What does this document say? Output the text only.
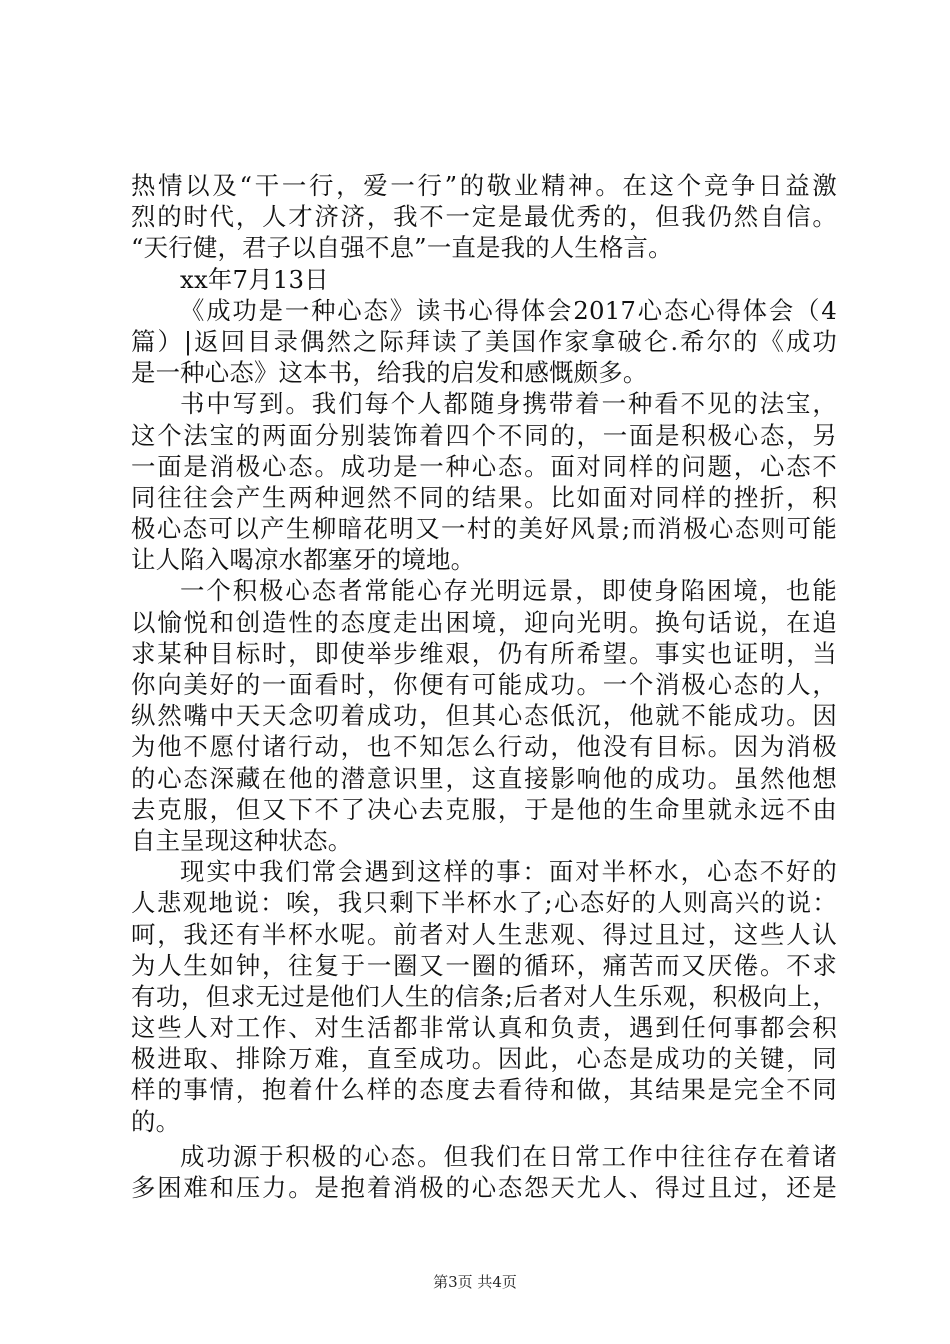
热情以及“干一行，爱一行”的敬业精神。在这个竞争日益激
烈的时代，人才济济，我不一定是最优秀的，但我仍然自信。
“天行健，君子以自强不息”一直是我的人生格言。
xx年7月13日
《成功是一种心态》读书心得体会2017心态心得体会（4
篇）|返回目录偶然之际拜读了美国作家拿破仑.希尔的《成功
是一种心态》这本书，给我的启发和感慨颇多。
书中写到。我们每个人都随身携带着一种看不见的法宝，
这个法宝的两面分别装饰着四个不同的，一面是积极心态，另
一面是消极心态。成功是一种心态。面对同样的问题，心态不
同往往会产生两种迥然不同的结果。比如面对同样的挫折，积
极心态可以产生柳暗花明又一村的美好风景;而消极心态则可能
让人陷入喝凉水都塞牙的境地。
一个积极心态者常能心存光明远景，即使身陷困境，也能
以愉悦和创造性的态度走出困境，迎向光明。换句话说，在追
求某种目标时，即使举步维艰，仍有所希望。事实也证明，当
你向美好的一面看时，你便有可能成功。一个消极心态的人，
纵然嘴中天天念叨着成功，但其心态低沉，他就不能成功。因
为他不愿付诸行动，也不知怎么行动，他没有目标。因为消极
的心态深藏在他的潜意识里，这直接影响他的成功。虽然他想
去克服，但又下不了决心去克服，于是他的生命里就永远不由
自主呈现这种状态。
现实中我们常会遇到这样的事：面对半杯水，心态不好的
人悲观地说：唉，我只剩下半杯水了;心态好的人则高兴的说：
呵，我还有半杯水呢。前者对人生悲观、得过且过，这些人认
为人生如钟，往复于一圈又一圈的循环，痛苦而又厌倦。不求
有功，但求无过是他们人生的信条;后者对人生乐观，积极向上，
这些人对工作、对生活都非常认真和负责，遇到任何事都会积
极进取、排除万难，直至成功。因此，心态是成功的关键，同
样的事情，抱着什么样的态度去看待和做，其结果是完全不同
的。
成功源于积极的心态。但我们在日常工作中往往存在着诸
多困难和压力。是抱着消极的心态怨天尤人、得过且过，还是
第3页 共4页
